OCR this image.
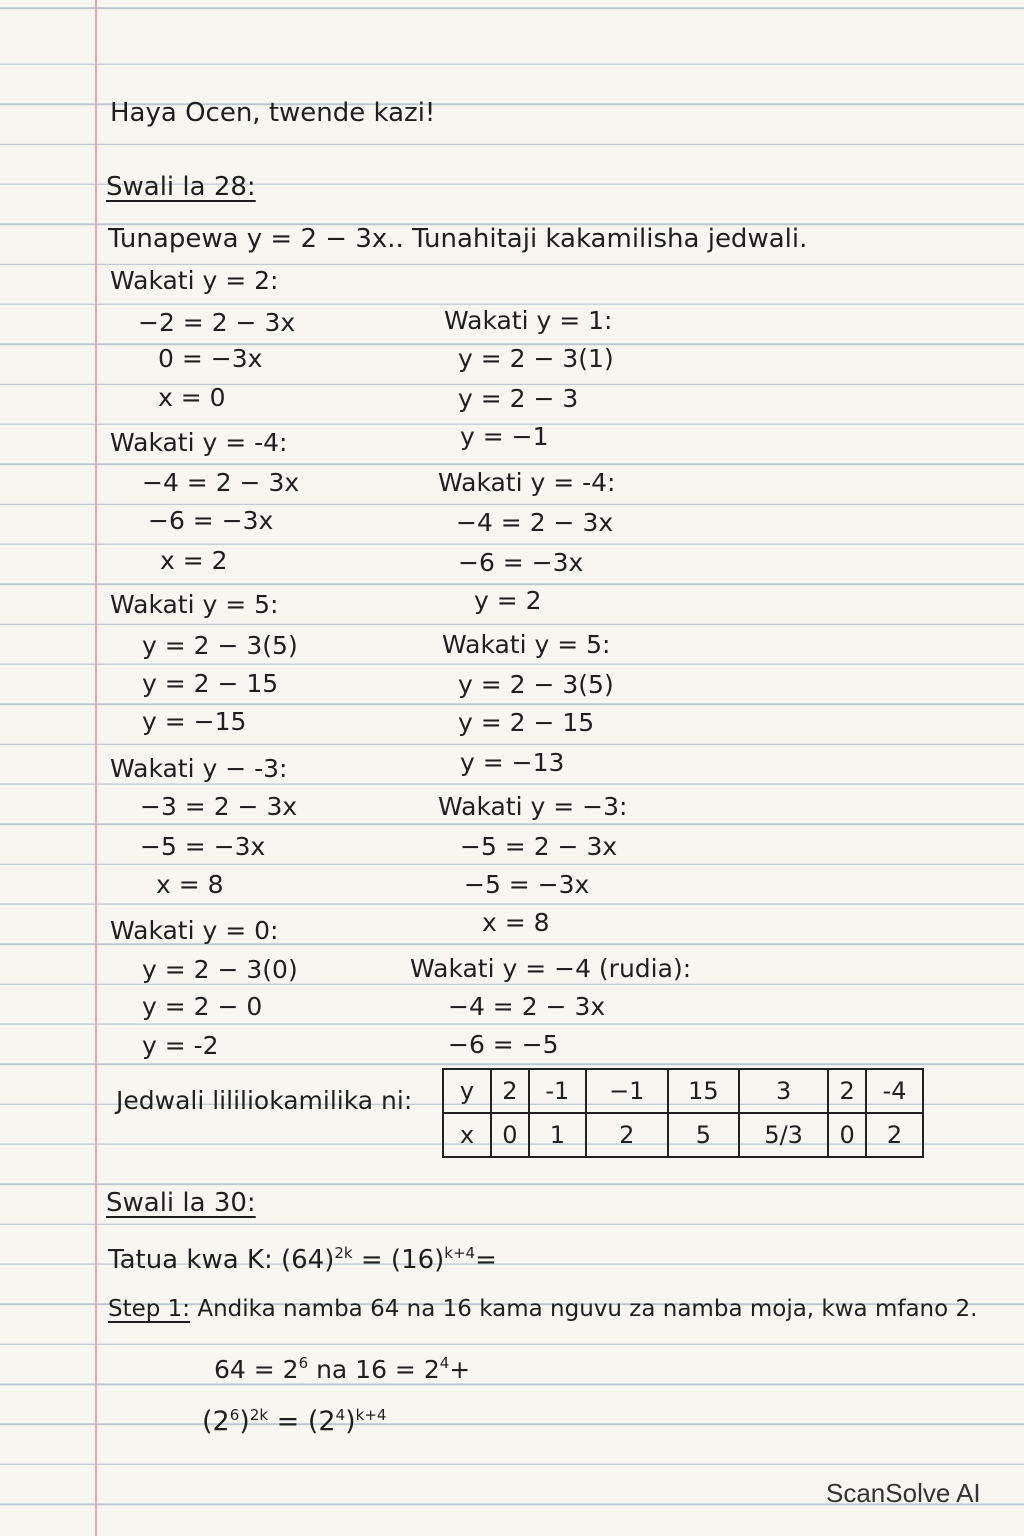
Haya Ocen, twende kazi!
Swali la 28:
Tunapewa y = 2 − 3x.. Tunahitaji kakamilisha jedwali.
Wakati y = 2:
−2 = 2 − 3x
0 = −3x
x = 0
Wakati y = -4:
−4 = 2 − 3x
−6 = −3x
x = 2
Wakati y = 5:
y = 2 − 3(5)
y = 2 − 15
y = −15
Wakati y − -3:
−3 = 2 − 3x
−5 = −3x
x = 8
Wakati y = 0:
y = 2 − 3(0)
y = 2 − 0
y = -2
Wakati y = 1:
y = 2 − 3(1)
y = 2 − 3
y = −1
Wakati y = -4:
−4 = 2 − 3x
−6 = −3x
y = 2
Wakati y = 5:
y = 2 − 3(5)
y = 2 − 15
y = −13
Wakati y = −3:
−5 = 2 − 3x
−5 = −3x
x = 8
Wakati y = −4 (rudia):
−4 = 2 − 3x
−6 = −5
Jedwali lililiokamilika ni: y	2	-1	−1	15	3	2	-4
x	0	1	2	5	5/3	0	2
Swali la 30:
Tatua kwa K: $(64)^{2k} = (16)^{k+4}=$
Step 1: Andika namba 64 na 16 kama nguvu za namba moja, kwa mfano 2.
$64 = 2^6$ na $16 = 2^4+$
$(2^6)^{2k} = (2^4)^{k+4}$
ScanSolve AI
